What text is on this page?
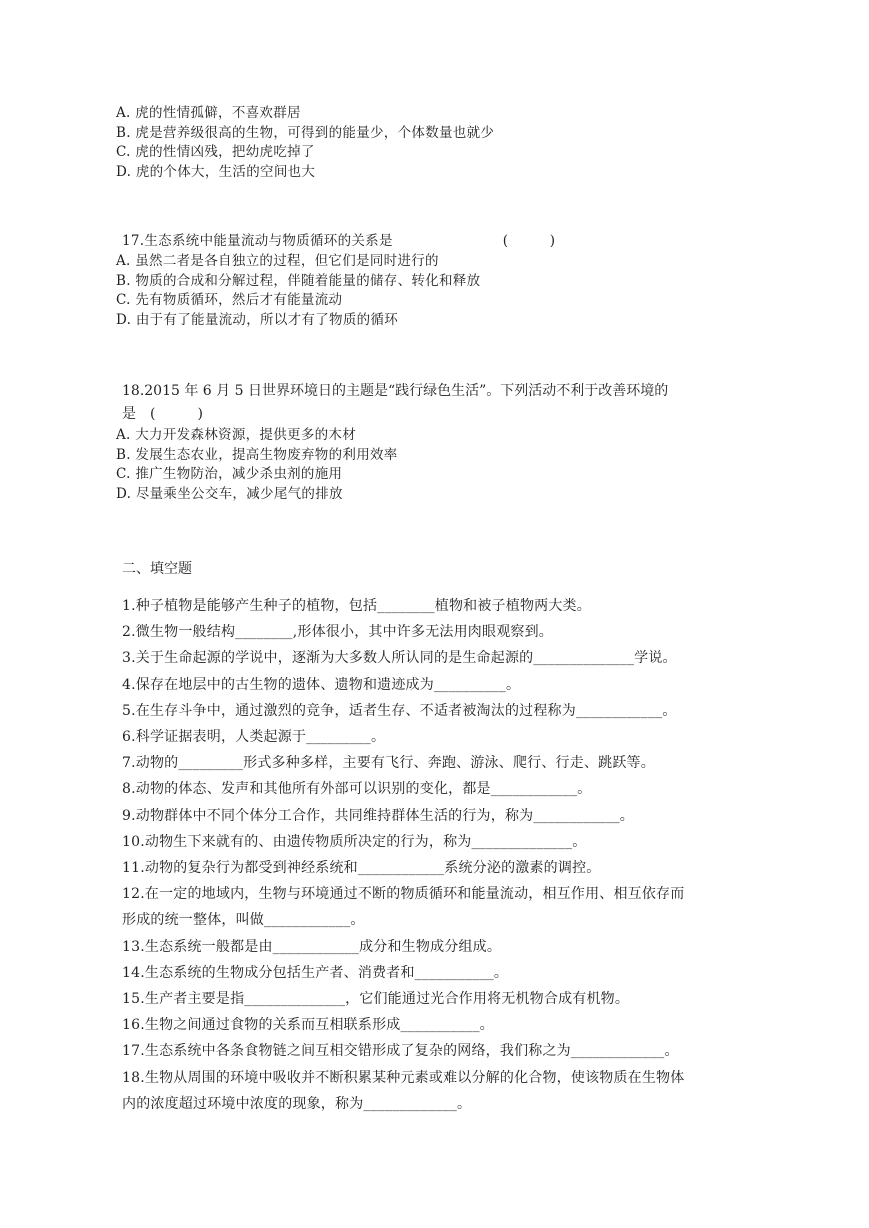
A. 虎的性情孤僻，不喜欢群居
B. 虎是营养级很高的生物，可得到的能量少，个体数量也就少
C. 虎的性情凶残，把幼虎吃掉了
D. 虎的个体大，生活的空间也大
17.生态系统中能量流动与物质循环的关系是	(　　　)
A. 虽然二者是各自独立的过程，但它们是同时进行的
B. 物质的合成和分解过程，伴随着能量的储存、转化和释放
C. 先有物质循环，然后才有能量流动
D. 由于有了能量流动，所以才有了物质的循环
18.2015 年 6 月 5 日世界环境日的主题是“践行绿色生活”。下列活动不利于改善环境的
是　(　　　)
A. 大力开发森林资源，提供更多的木材
B. 发展生态农业，提高生物废弃物的利用效率
C. 推广生物防治，减少杀虫剂的施用
D. 尽量乘坐公交车，减少尾气的排放
二、填空题
1.种子植物是能够产生种子的植物，包括________植物和被子植物两大类。
2.微生物一般结构________,形体很小，其中许多无法用肉眼观察到。
3.关于生命起源的学说中，逐渐为大多数人所认同的是生命起源的______________学说。
4.保存在地层中的古生物的遗体、遗物和遗迹成为__________。
5.在生存斗争中，通过激烈的竞争，适者生存、不适者被淘汰的过程称为____________。
6.科学证据表明，人类起源于_________。
7.动物的_________形式多种多样，主要有飞行、奔跑、游泳、爬行、行走、跳跃等。
8.动物的体态、发声和其他所有外部可以识别的变化，都是____________。
9.动物群体中不同个体分工合作，共同维持群体生活的行为，称为____________。
10.动物生下来就有的、由遗传物质所决定的行为，称为______________。
11.动物的复杂行为都受到神经系统和____________系统分泌的激素的调控。
12.在一定的地域内，生物与环境通过不断的物质循环和能量流动，相互作用、相互依存而
形成的统一整体，叫做____________。
13.生态系统一般都是由____________成分和生物成分组成。
14.生态系统的生物成分包括生产者、消费者和___________。
15.生产者主要是指______________，它们能通过光合作用将无机物合成有机物。
16.生物之间通过食物的关系而互相联系形成___________。
17.生态系统中各条食物链之间互相交错形成了复杂的网络，我们称之为_____________。
18.生物从周围的环境中吸收并不断积累某种元素或难以分解的化合物，使该物质在生物体
内的浓度超过环境中浓度的现象，称为_____________。
